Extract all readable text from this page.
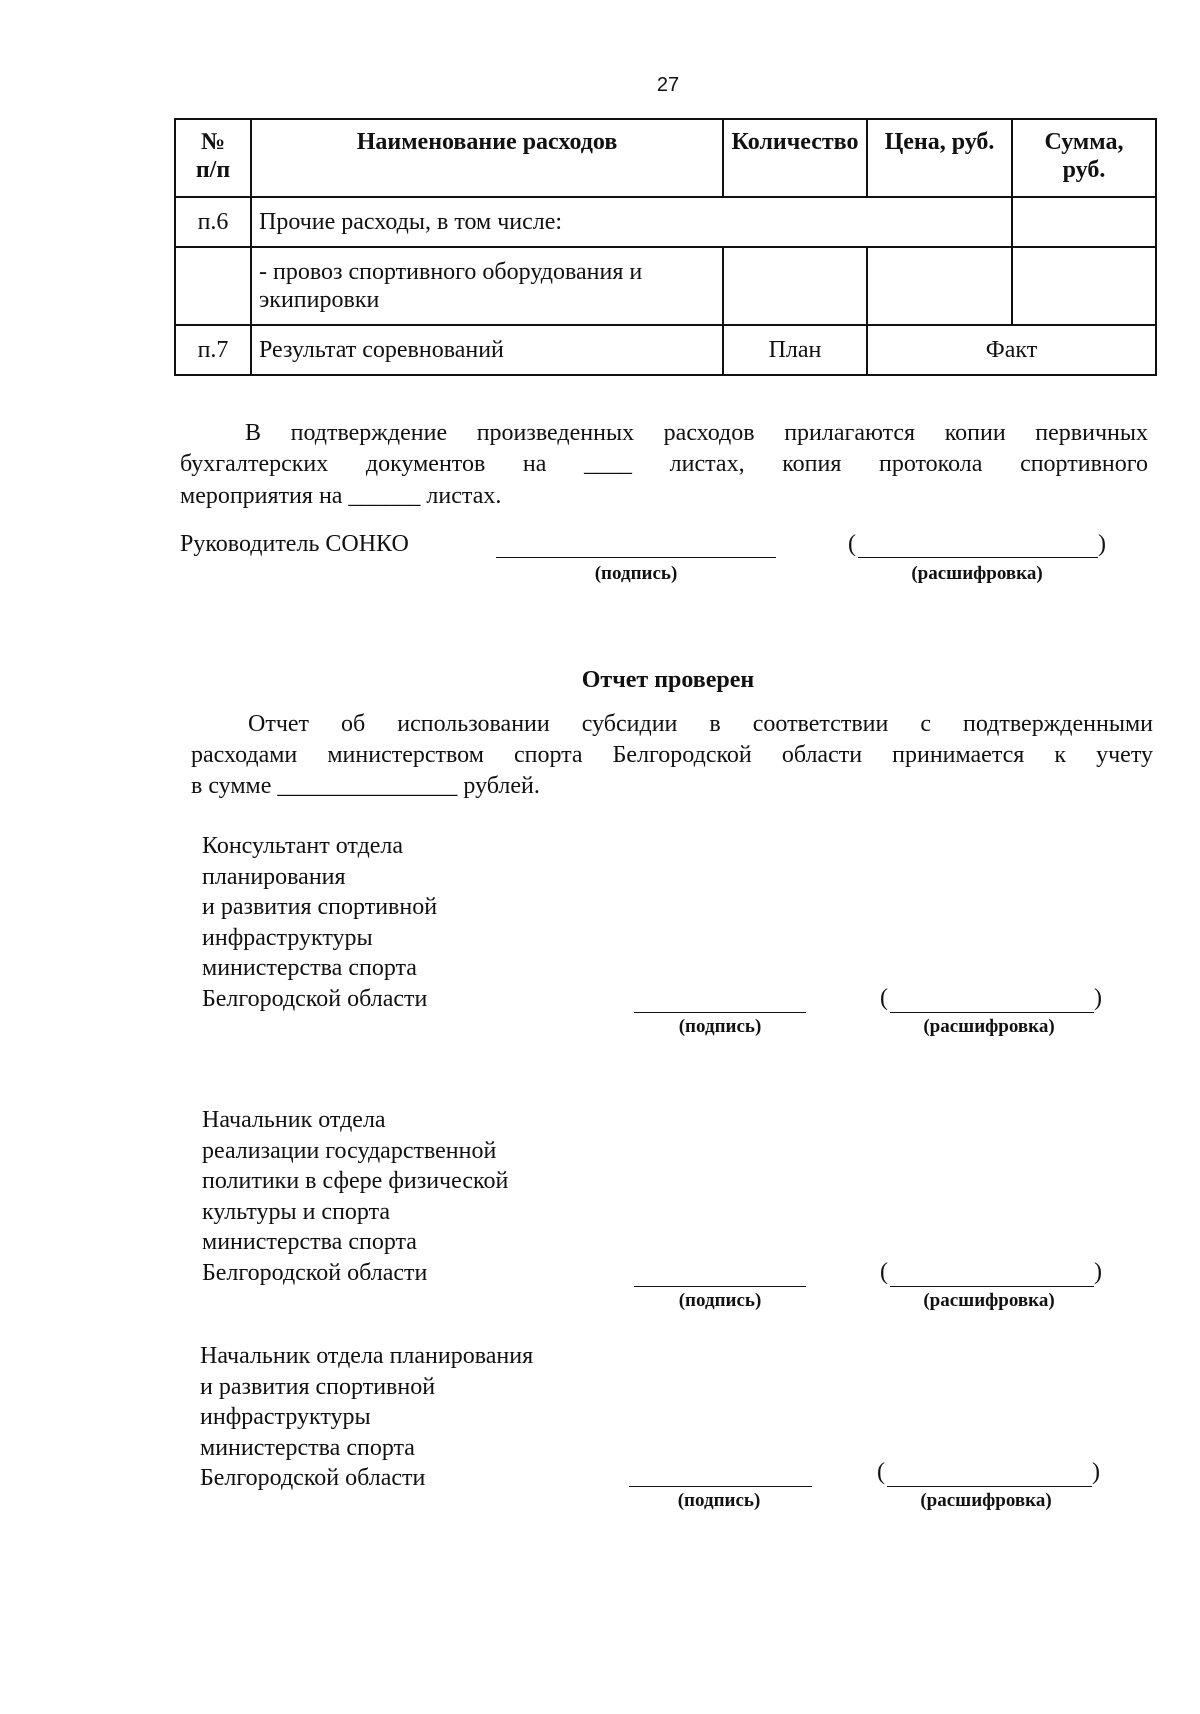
27
№ п/п	Наименование расходов	Количество	Цена, руб.	Сумма, руб.
п.6	Прочие расходы, в том числе:			
	- провоз спортивного оборудования и экипировки			
п.7	Результат соревнований	План	Факт	
В подтверждение произведенных расходов прилагаются копии первичных
бухгалтерских документов на ____ листах, копия протокола спортивного
мероприятия на ______ листах.
Руководитель СОНКО
(подпись)
(	)
(расшифровка)
Отчет проверен
Отчет об использовании субсидии в соответствии с подтвержденными
расходами министерством спорта Белгородской области принимается к учету
в сумме _______________ рублей.
Консультант отдела
планирования
и развития спортивной
инфраструктуры
министерства спорта
Белгородской области
(подпись)
(	)
(расшифровка)
Начальник отдела
реализации государственной
политики в сфере физической
культуры и спорта
министерства спорта
Белгородской области
(подпись)
(	)
(расшифровка)
Начальник отдела планирования
и развития спортивной
инфраструктуры
министерства спорта
Белгородской области
(подпись)
(	)
(расшифровка)
